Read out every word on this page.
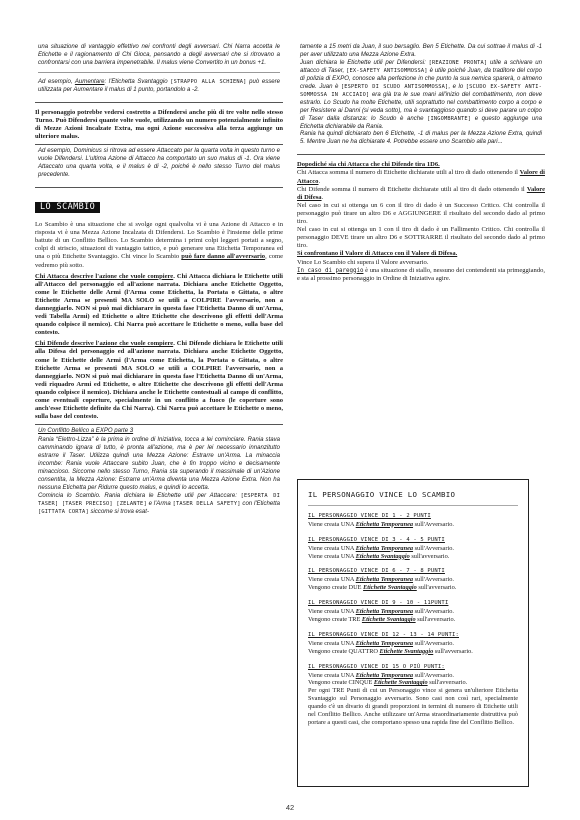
una situazione di vantaggio effettivo nei confronti degli avversari. Chi Narra accetta le Etichette e il ragionamento di Chi Gioca, pensando a degli avversari che si ritrovano a confrontarsi con una barriera impenetrabile. Il malus viene Convertito in un bonus +1.

Ad esempio, Aumentare: l'Etichetta Svantaggio [STRAPPO ALLA SCHIENA] può essere utilizzata per Aumentare il malus di 1 punto, portandolo a -2.

Il personaggio potrebbe vedersi costretto a Difendersi anche più di tre volte nello stesso Turno. Può Difendersi quante volte vuole, utilizzando un numero potenzialmente infinito di Mezze Azioni Incalzate Extra, ma ogni Azione successiva alla terza aggiunge un ulteriore malus.

Ad esempio, Dominicus si ritrova ad essere Attaccato per la quarta volta in questo turno e vuole Difendersi. L'ultima Azione di Attacco ha comportato un suo malus di -1. Ora viene Attaccato una quarta volta, e il malus è di -2, poiché è nello stesso Turno del malus precedente.

LO SCAMBIO

Lo Scambio è una situazione che si svolge ogni qualvolta vi è una Azione di Attacco e in risposta vi è una Mezza Azione Incalzata di Difendersi. Lo Scambio è l'insieme delle prime battute di un Conflitto Bellico. Lo Scambio determina i primi colpi leggeri portati a segno, colpi di striscio, situazioni di vantaggio tattico, e può generare una Etichetta Temporanea ed una o più Etichette Svantaggio. Chi vince lo Scambio può fare danno all'avversario, come vedremo più sotto.

Chi Attacca descrive l'azione che vuole compiere. Chi Attacca dichiara le Etichette utili all'Attacco del personaggio ed all'azione narrata. Dichiara anche Etichette Oggetto, come le Etichette delle Armi (l'Arma come Etichetta, la Portata o Gittata, o altre Etichette Arma se presenti MA SOLO se utili a COLPIRE l'avversario, non a danneggiarlo. NON si può mai dichiarare in questa fase l'Etichetta Danno di un'Arma, vedi Tabella Armi) ed Etichette o altre Etichette che descrivono gli effetti dell'Arma quando colpisce il nemico). Chi Narra può accettare le Etichette o meno, sulla base del contesto.

Chi Difende descrive l'azione che vuole compiere. Chi Difende dichiara le Etichette utili alla Difesa del personaggio ed all'azione narrata. Dichiara anche Etichette Oggetto, come le Etichette delle Armi (l'Arma come Etichetta, la Portata o Gittata, o altre Etichette Arma se presenti MA SOLO se utili a COLPIRE l'avversario, non a danneggiarlo. NON si può mai dichiarare in questa fase l'Etichetta Danno di un'Arma, vedi riquadro Armi ed Etichette, o altre Etichette che descrivono gli effetti dell'Arma quando colpisce il nemico). Dichiara anche le Etichette contestuali al campo di conflitto, come eventuali coperture, specialmente in un conflitto a fuoco (le coperture sono anch'esse Etichette definite da Chi Narra). Chi Narra può accettare le Etichette o meno, sulla base del contesto.

Un Conflitto Bellico a EXPO parte 3

Rania “Elettro-Lizza” è la prima in ordine di Iniziativa, tocca a lei cominciare. Rania stava camminando ignara di tutto, è pronta all'azione, ma è per lei necessario innanzitutto estrarre il Taser. Utilizza quindi una Mezza Azione: Estrarre un'Arma. La minaccia incombe: Rania vuole Attaccare subito Juan, che è fin troppo vicino e decisamente minaccioso. Siccome nello stesso Turno, Rania sta superando il massimale di un'Azione consentita, la Mezza Azione: Estrarre un'Arma diventa una Mezza Azione Extra. Non ha nessuna Etichetta per Ridurre questo malus, e quindi lo accetta.

Comincia lo Scambio. Rania dichiara le Etichette utili per Attaccare: [ESPERTA DI TASER] [TASER PRECISO] [ZELANTE] e l'Arma [TASER DELLA SAFETY] con l'Etichetta [GITTATA CORTA] siccome si trova esat-

tamente a 15 metri da Juan, il suo bersaglio. Ben 5 Etichette. Da cui sottrae il malus di -1 per aver utilizzato una Mezza Azione Extra.
Juan dichiara le Etichette utili per Difendersi: [REAZIONE PRONTA] utile a schivare un attacco di Taser, [EX-SAFETY ANTISOMMOSSA] è utile poiché Juan, da traditore del corpo di polizia di EXPO, conosce alla perfezione in che punto la sua nemica sparerà, o almeno crede. Juan è [ESPERTO DI SCUDO ANTISOMMOSSA], e lo [SCUDO EX-SAFETY ANTI-SOMMOSSA IN ACCIAIO] era già tra le sue mani all'inizio del combattimento, non deve estrarlo. Lo Scudo ha molte Etichette, utili soprattutto nel combattimento corpo a corpo e per Resistere ai Danni (si veda sotto), ma è svantaggioso quando si deve parare un colpo di Taser dalla distanza: lo Scudo è anche [INGOMBRANTE] e questo aggiunge una Etichetta dichiarabile da Rania.

Rania ha quindi dichiarato ben 6 Etichette, -1 di malus per la Mezza Azione Extra, quindi 5. Mentre Juan ne ha dichiarate 4. Potrebbe essere uno Scambio alla pari...

Dopodiché sia chi Attacca che chi Difende tira 1D6.

Chi Attacca somma il numero di Etichette dichiarate utili al tiro di dado ottenendo il Valore di Attacco.

Chi Difende somma il numero di Etichette dichiarate utili al tiro di dado ottenendo il Valore di Difesa.

Nel caso in cui si ottenga un 6 con il tiro di dado è un Successo Critico. Chi controlla il personaggio può tirare un altro D6 e AGGIUNGERE il risultato del secondo dado al primo tiro.

Nel caso in cui si ottenga un 1 con il tiro di dado è un Fallimento Critico. Chi controlla il personaggio DEVE tirare un altro D6 e SOTTRARRE il risultato del secondo dado al primo tiro.

Si confrontano il Valore di Attacco con il Valore di Difesa.

Vince Lo Scambio chi supera il Valore avversario.

In caso di pareggio è una situazione di stallo, nessuno dei contendenti sta primeggiando, e sta al prossimo personaggio in Ordine di Iniziativa agire.

IL PERSONAGGIO VINCE LO SCAMBIO
IL PERSONAGGIO VINCE DI 1 - 2 PUNTI
Viene creata UNA Etichetta Temporanea sull'Avversario.
IL PERSONAGGIO VINCE DI 3 - 4 - 5 PUNTI
Viene creata UNA Etichetta Temporanea sull'Avversario.
Viene creata UNA Etichetta Svantaggio sull'avversario.
IL PERSONAGGIO VINCE DI 6 - 7 - 8 PUNTI
Viene creata UNA Etichetta Temporanea sull'Avversario.
Vengono create DUE Etichette Svantaggio sull'avversario.
IL PERSONAGGIO VINCE DI 9 - 10 - 11PUNTI
Viene creata UNA Etichetta Temporanea sull'Avversario.
Vengono create TRE Etichette Svantaggio sull'avversario.
IL PERSONAGGIO VINCE DI 12 - 13 - 14 PUNTI:
Viene creata UNA Etichetta Temporanea sull'Avversario.
Vengono create QUATTRO Etichette Svantaggio sull'avversario.
IL PERSONAGGIO VINCE DI 15 O PIÙ PUNTI:
Viene creata UNA Etichetta Temporanea sull'Avversario.
Vengono create CINQUE Etichette Svantaggio sull'avversario.
Per ogni TRE Punti di cui un Personaggio vince si genera un'ulteriore Etichetta Svantaggio sul Personaggio avversario. Sono casi non così rari, specialmente quando c'è un divario di grandi proporzioni in termini di numero di Etichette utili nel Conflitto Bellico. Anche utilizzare un'Arma straordinariamente distruttiva può portare a questi casi, che comportano spesso una rapida fine del Conflitto Bellico.
42
